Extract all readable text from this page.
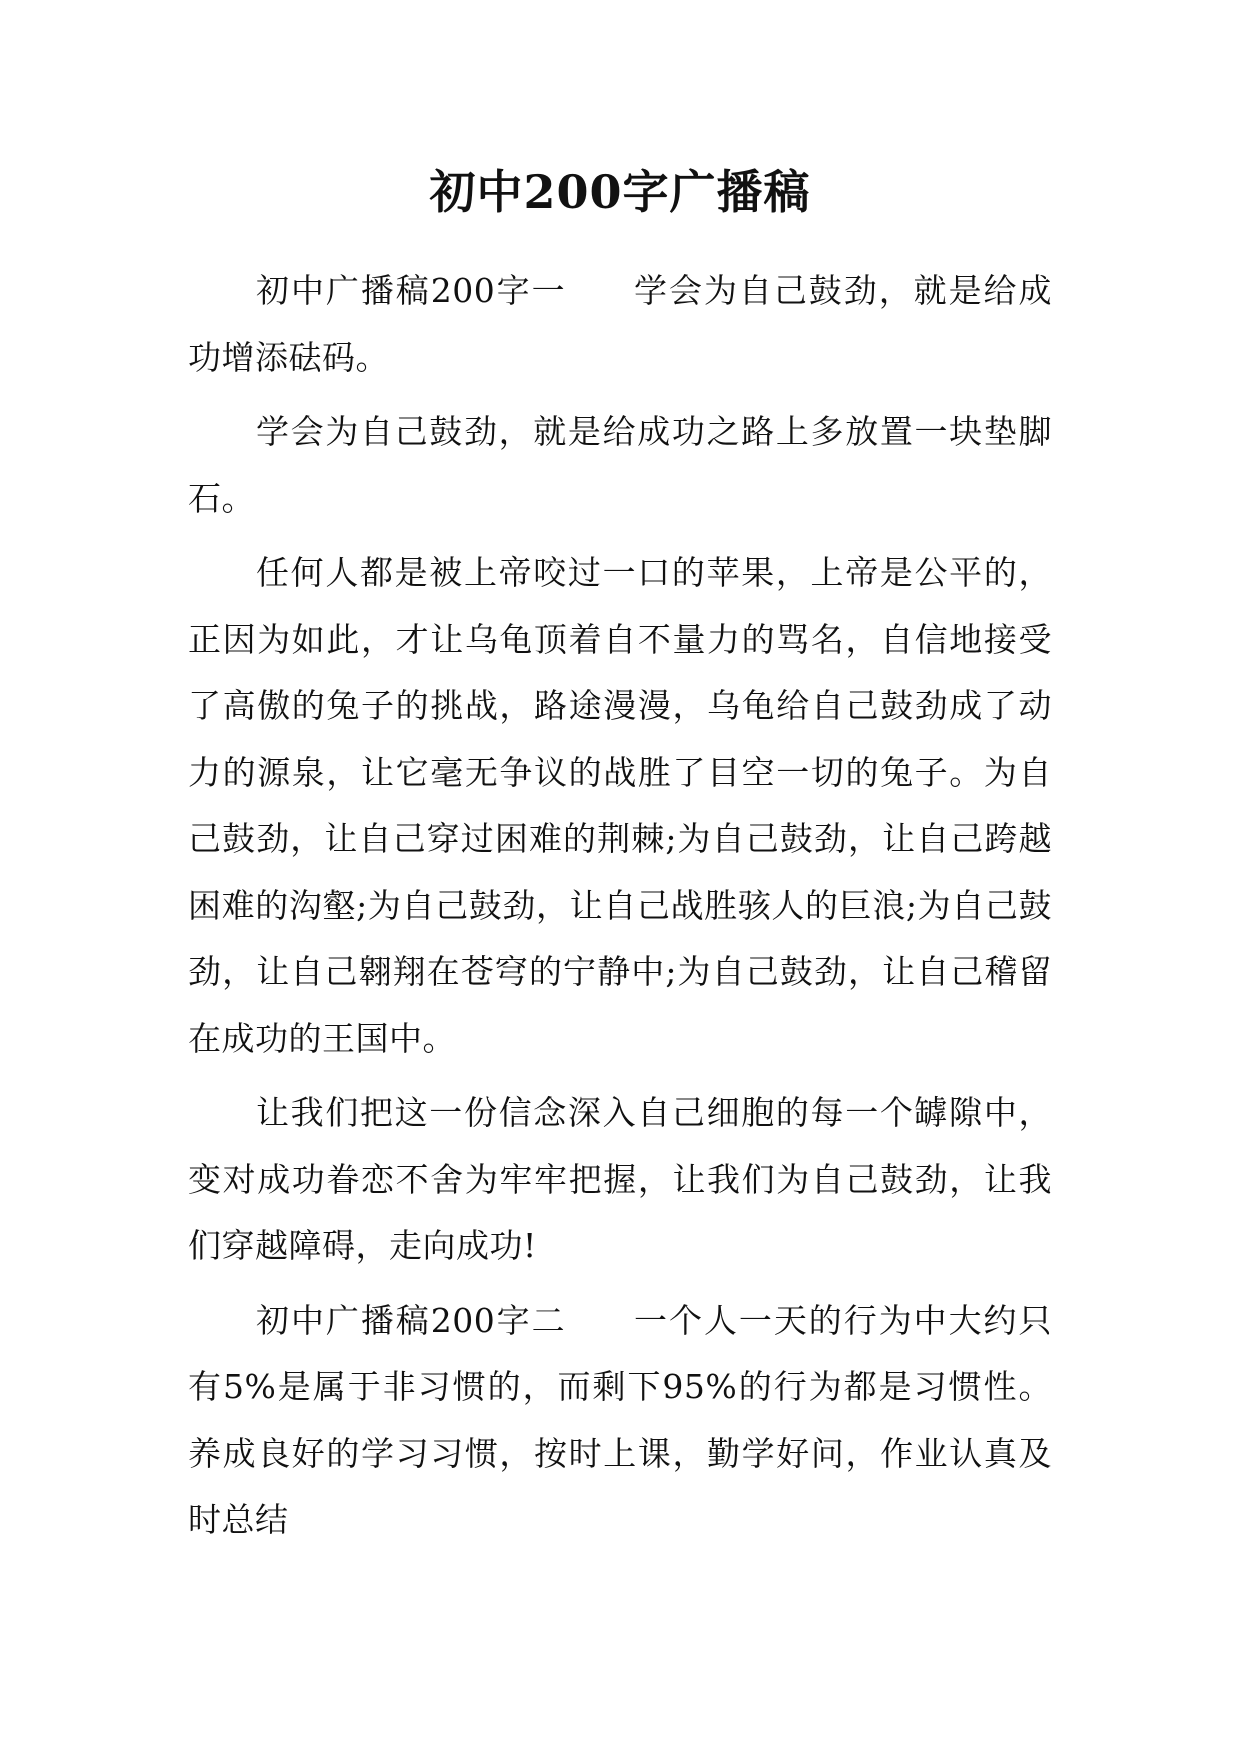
初中200字广播稿

初中广播稿200字一 学会为自己鼓劲，就是给成功增添砝码。

学会为自己鼓劲，就是给成功之路上多放置一块垫脚石。

任何人都是被上帝咬过一口的苹果，上帝是公平的，正因为如此，才让乌龟顶着自不量力的骂名，自信地接受了高傲的兔子的挑战，路途漫漫，乌龟给自己鼓劲成了动力的源泉，让它毫无争议的战胜了目空一切的兔子。为自己鼓劲，让自己穿过困难的荆棘;为自己鼓劲，让自己跨越困难的沟壑;为自己鼓劲，让自己战胜骇人的巨浪;为自己鼓劲，让自己翱翔在苍穹的宁静中;为自己鼓劲，让自己稽留在成功的王国中。

让我们把这一份信念深入自己细胞的每一个罅隙中，变对成功眷恋不舍为牢牢把握，让我们为自己鼓劲，让我们穿越障碍，走向成功!

初中广播稿200字二 一个人一天的行为中大约只有5%是属于非习惯的，而剩下95%的行为都是习惯性。养成良好的学习习惯，按时上课，勤学好问，作业认真及时总结
